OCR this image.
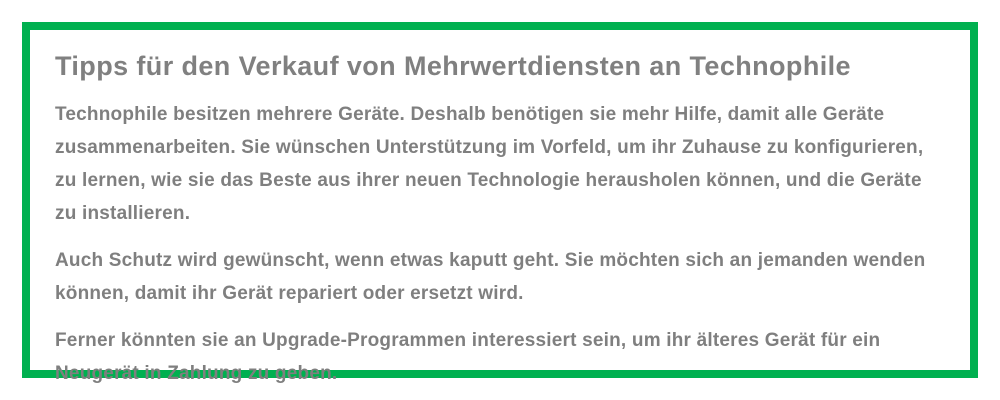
Tipps für den Verkauf von Mehrwertdiensten an Technophile

Technophile besitzen mehrere Geräte. Deshalb benötigen sie mehr Hilfe, damit alle Geräte zusammenarbeiten. Sie wünschen Unterstützung im Vorfeld, um ihr Zuhause zu konfigurieren, zu lernen, wie sie das Beste aus ihrer neuen Technologie herausholen können, und die Geräte zu installieren.

Auch Schutz wird gewünscht, wenn etwas kaputt geht. Sie möchten sich an jemanden wenden können, damit ihr Gerät repariert oder ersetzt wird.

Ferner könnten sie an Upgrade-Programmen interessiert sein, um ihr älteres Gerät für ein Neugerät in Zahlung zu geben.
